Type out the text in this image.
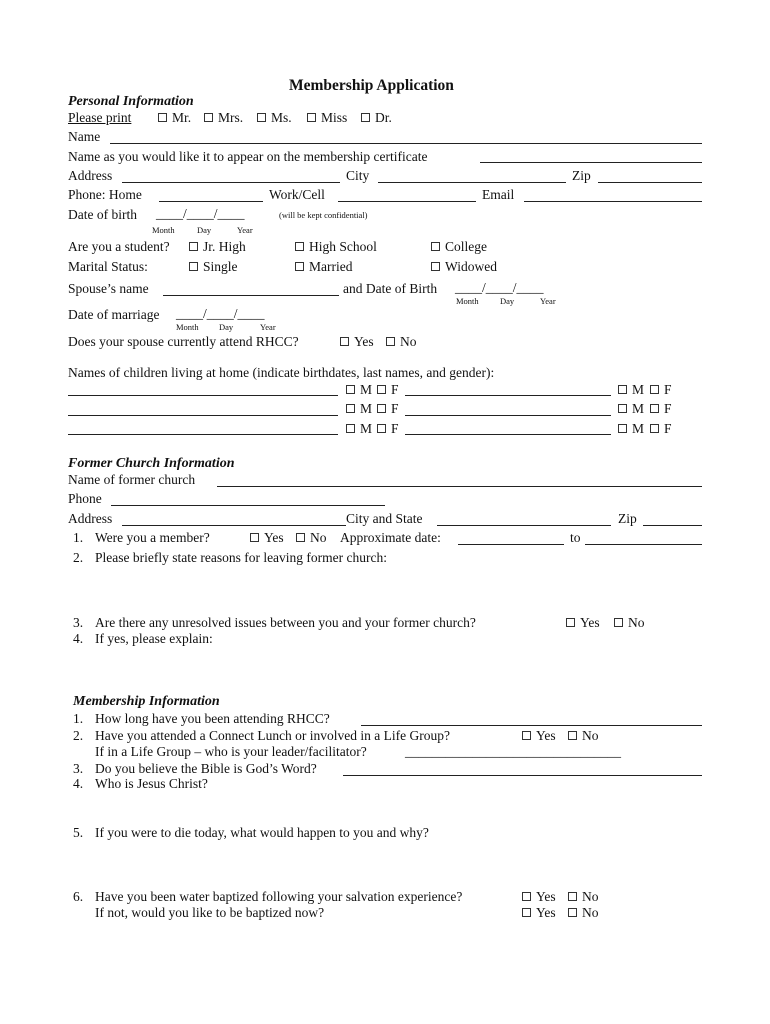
Membership Application
Personal Information
Please print	Mr.	Mrs.	Ms.	Miss	Dr.
Name
Name as you would like it to appear on the membership certificate
Address	City	Zip
Phone: Home	Work/Cell	Email
Date of birth ____/____/____	(will be kept confidential)
Month	Day	Year
Are you a student?	Jr. High	High School	College
Marital Status:	Single	Married	Widowed
Spouse’s name	and Date of Birth ____/____/____
Month	Day	Year
Date of marriage ____/____/____
Month Day	Year
Does your spouse currently attend RHCC?	Yes	No
Names of children living at home (indicate birthdates, last names, and gender):
M	F	M	F
M	F	M	F
M	F	M	F
Former Church Information
Name of former church
Phone
Address	City and State	Zip
1. Were you a member?	Yes	No Approximate date:	to
2. Please briefly state reasons for leaving former church:
3. Are there any unresolved issues between you and your former church?	Yes	No
4. If yes, please explain:
Membership Information
1. How long have you been attending RHCC?
2. Have you attended a Connect Lunch or involved in a Life Group?	Yes	No
If in a Life Group – who is your leader/facilitator?	________________________________
3. Do you believe the Bible is God’s Word?
4. Who is Jesus Christ?
5. If you were to die today, what would happen to you and why?
6. Have you been water baptized following your salvation experience?	Yes	No
If not, would you like to be baptized now?	Yes	No
